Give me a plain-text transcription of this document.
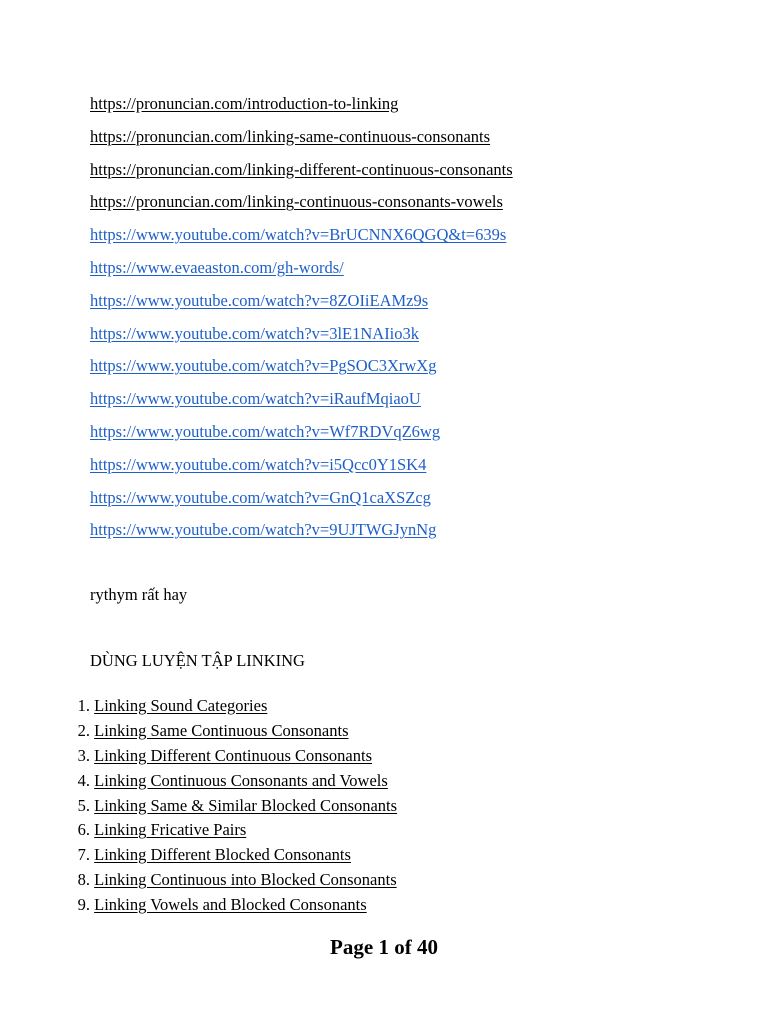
https://pronuncian.com/introduction-to-linking
https://pronuncian.com/linking-same-continuous-consonants
https://pronuncian.com/linking-different-continuous-consonants
https://pronuncian.com/linking-continuous-consonants-vowels
https://www.youtube.com/watch?v=BrUCNNX6QGQ&t=639s
https://www.evaeaston.com/gh-words/
https://www.youtube.com/watch?v=8ZOIiEAMz9s
https://www.youtube.com/watch?v=3lE1NAIio3k
https://www.youtube.com/watch?v=PgSOC3XrwXg
https://www.youtube.com/watch?v=iRaufMqiaoU
https://www.youtube.com/watch?v=Wf7RDVqZ6wg
https://www.youtube.com/watch?v=i5Qcc0Y1SK4
https://www.youtube.com/watch?v=GnQ1caXSZcg
https://www.youtube.com/watch?v=9UJTWGJynNg
rythym rất hay
DÙNG LUYỆN TẬP LINKING
1. Linking Sound Categories
2. Linking Same Continuous Consonants
3. Linking Different Continuous Consonants
4. Linking Continuous Consonants and Vowels
5. Linking Same & Similar Blocked Consonants
6. Linking Fricative Pairs
7. Linking Different Blocked Consonants
8. Linking Continuous into Blocked Consonants
9. Linking Vowels and Blocked Consonants
Page 1 of 40
